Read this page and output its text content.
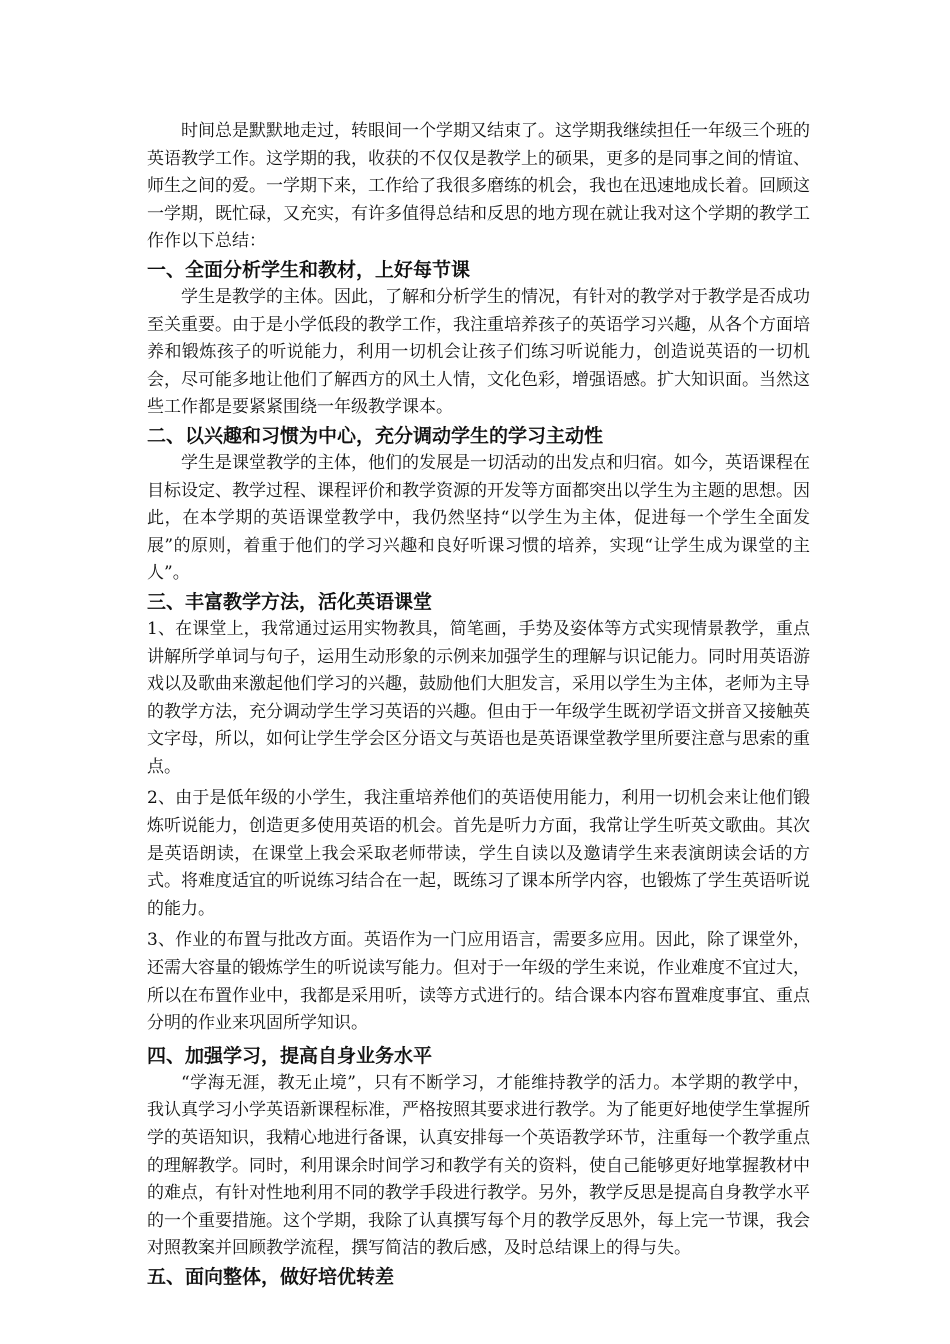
时间总是默默地走过，转眼间一个学期又结束了。这学期我继续担任一年级三个班的英语教学工作。这学期的我，收获的不仅仅是教学上的硕果，更多的是同事之间的情谊、师生之间的爱。一学期下来，工作给了我很多磨练的机会，我也在迅速地成长着。回顾这一学期，既忙碌，又充实，有许多值得总结和反思的地方现在就让我对这个学期的教学工作作以下总结：

一、全面分析学生和教材，上好每节课

学生是教学的主体。因此，了解和分析学生的情况，有针对的教学对于教学是否成功至关重要。由于是小学低段的教学工作，我注重培养孩子的英语学习兴趣，从各个方面培养和锻炼孩子的听说能力，利用一切机会让孩子们练习听说能力，创造说英语的一切机会，尽可能多地让他们了解西方的风土人情，文化色彩，增强语感。扩大知识面。当然这些工作都是要紧紧围绕一年级教学课本。

二、以兴趣和习惯为中心，充分调动学生的学习主动性

学生是课堂教学的主体，他们的发展是一切活动的出发点和归宿。如今，英语课程在目标设定、教学过程、课程评价和教学资源的开发等方面都突出以学生为主题的思想。因此，在本学期的英语课堂教学中，我仍然坚持“以学生为主体，促进每一个学生全面发展”的原则，着重于他们的学习兴趣和良好听课习惯的培养，实现“让学生成为课堂的主人”。

三、丰富教学方法，活化英语课堂

1、在课堂上，我常通过运用实物教具，简笔画，手势及姿体等方式实现情景教学，重点讲解所学单词与句子，运用生动形象的示例来加强学生的理解与识记能力。同时用英语游戏以及歌曲来激起他们学习的兴趣，鼓励他们大胆发言，采用以学生为主体，老师为主导的教学方法，充分调动学生学习英语的兴趣。但由于一年级学生既初学语文拼音又接触英文字母，所以，如何让学生学会区分语文与英语也是英语课堂教学里所要注意与思索的重点。

2、由于是低年级的小学生，我注重培养他们的英语使用能力，利用一切机会来让他们锻炼听说能力，创造更多使用英语的机会。首先是听力方面，我常让学生听英文歌曲。其次是英语朗读，在课堂上我会采取老师带读，学生自读以及邀请学生来表演朗读会话的方式。将难度适宜的听说练习结合在一起，既练习了课本所学内容，也锻炼了学生英语听说的能力。

3、作业的布置与批改方面。英语作为一门应用语言，需要多应用。因此，除了课堂外，还需大容量的锻炼学生的听说读写能力。但对于一年级的学生来说，作业难度不宜过大，所以在布置作业中，我都是采用听，读等方式进行的。结合课本内容布置难度事宜、重点分明的作业来巩固所学知识。

四、加强学习，提高自身业务水平

“学海无涯，教无止境”，只有不断学习，才能维持教学的活力。本学期的教学中，我认真学习小学英语新课程标准，严格按照其要求进行教学。为了能更好地使学生掌握所学的英语知识，我精心地进行备课，认真安排每一个英语教学环节，注重每一个教学重点的理解教学。同时，利用课余时间学习和教学有关的资料，使自己能够更好地掌握教材中的难点，有针对性地利用不同的教学手段进行教学。另外，教学反思是提高自身教学水平的一个重要措施。这个学期，我除了认真撰写每个月的教学反思外，每上完一节课，我会对照教案并回顾教学流程，撰写简洁的教后感，及时总结课上的得与失。

五、面向整体，做好培优转差
